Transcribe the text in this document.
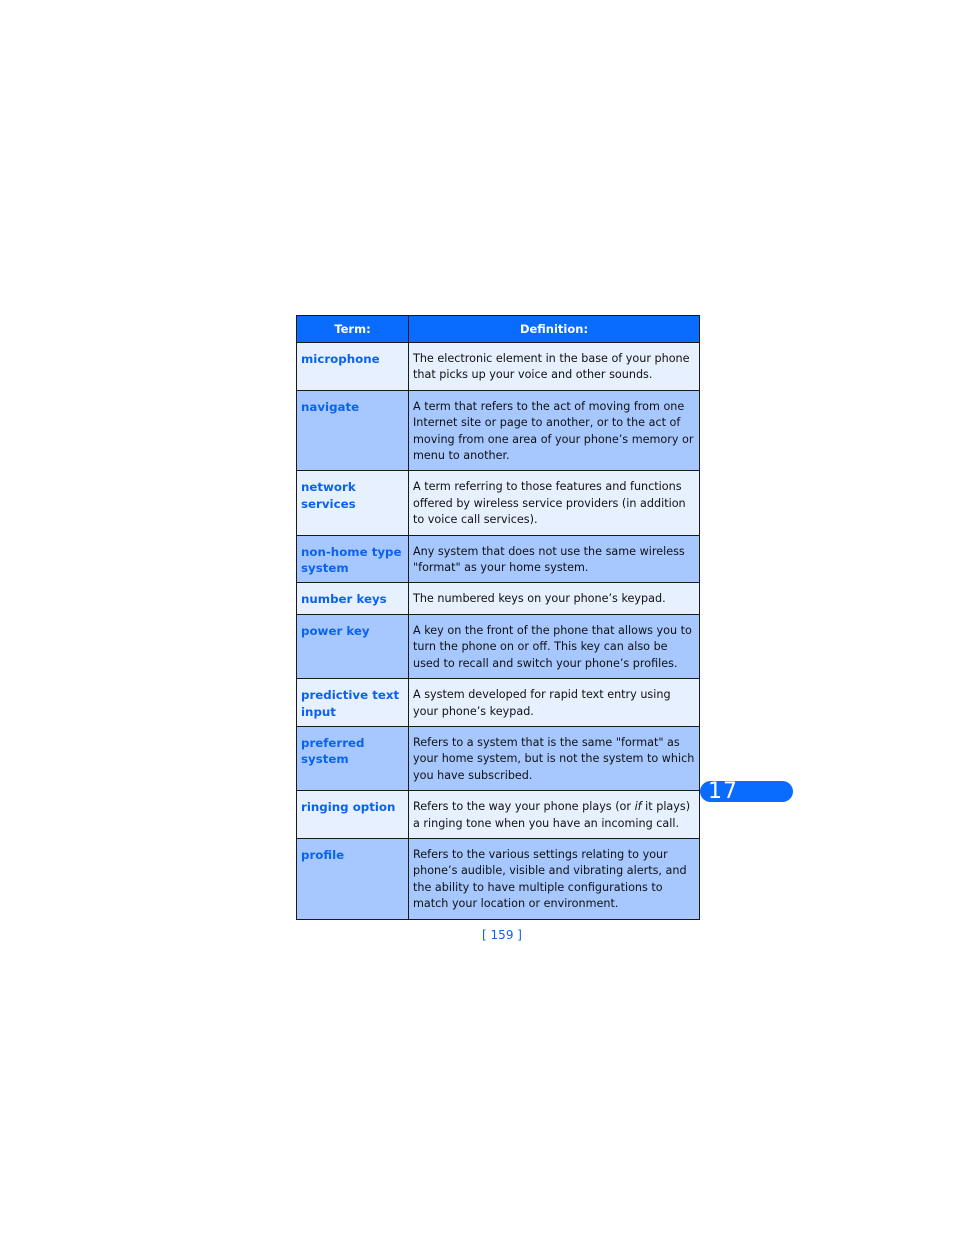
Term:	Definition:
microphone	The electronic element in the base of your phone that picks up your voice and other sounds.
navigate	A term that refers to the act of moving from one Internet site or page to another, or to the act of moving from one area of your phone’s memory or menu to another.
network services	A term referring to those features and functions offered by wireless service providers (in addition to voice call services).
non-home type system	Any system that does not use the same wireless "format" as your home system.
number keys	The numbered keys on your phone’s keypad.
power key	A key on the front of the phone that allows you to turn the phone on or off. This key can also be used to recall and switch your phone’s profiles.
predictive text input	A system developed for rapid text entry using your phone’s keypad.
preferred system	Refers to a system that is the same "format" as your home system, but is not the system to which you have subscribed.
ringing option	Refers to the way your phone plays (or if it plays) a ringing tone when you have an incoming call.
profile	Refers to the various settings relating to your phone’s audible, visible and vibrating alerts, and the ability to have multiple configurations to match your location or environment.
17
[ 159 ]
